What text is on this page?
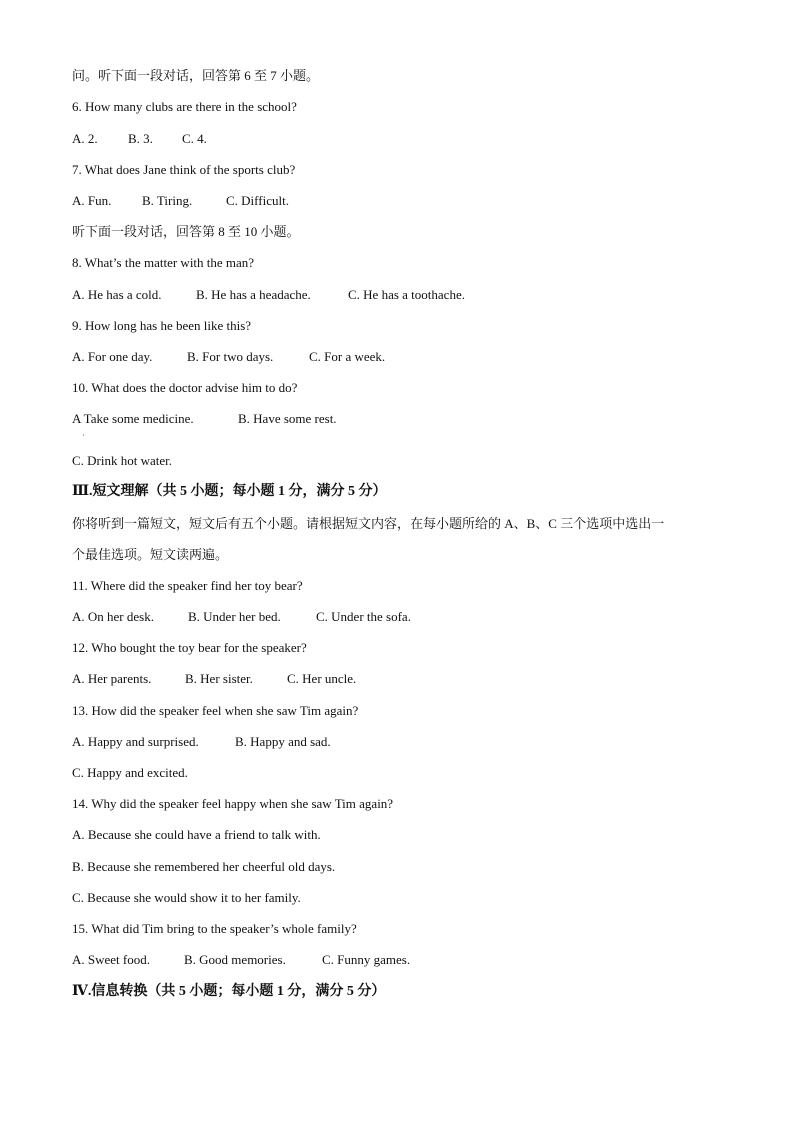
问。听下面一段对话，回答第 6 至 7 小题。
6. How many clubs are there in the school?
A. 2. B. 3. C. 4.
7. What does Jane think of the sports club?
A. Fun. B. Tiring.	C. Difficult.
听下面一段对话，回答第 8 至 10 小题。
8. What’s the matter with the man?
A. He has a cold.	B. He has a headache.	C. He has a toothache.
9. How long has he been like this?
A. For one day.	B. For two days.	C. For a week.
10. What does the doctor advise him to do?
A Take some medicine.	B. Have some rest.
·
C. Drink hot water.
Ⅲ.短文理解（共 5 小题；每小题 1 分，满分 5 分）
你将听到一篇短文，短文后有五个小题。请根据短文内容，在每小题所给的 A、B、C 三个选项中选出一
个最佳选项。短文读两遍。
11. Where did the speaker find her toy bear?
A. On her desk.	B. Under her bed.	C. Under the sofa.
12. Who bought the toy bear for the speaker?
A. Her parents.	B. Her sister.	C. Her uncle.
13. How did the speaker feel when she saw Tim again?
A. Happy and surprised.	B. Happy and sad.
C. Happy and excited.
14. Why did the speaker feel happy when she saw Tim again?
A. Because she could have a friend to talk with.
B. Because she remembered her cheerful old days.
C. Because she would show it to her family.
15. What did Tim bring to the speaker’s whole family?
A. Sweet food.	B. Good memories.	C. Funny games.
Ⅳ.信息转换（共 5 小题；每小题 1 分，满分 5 分）
